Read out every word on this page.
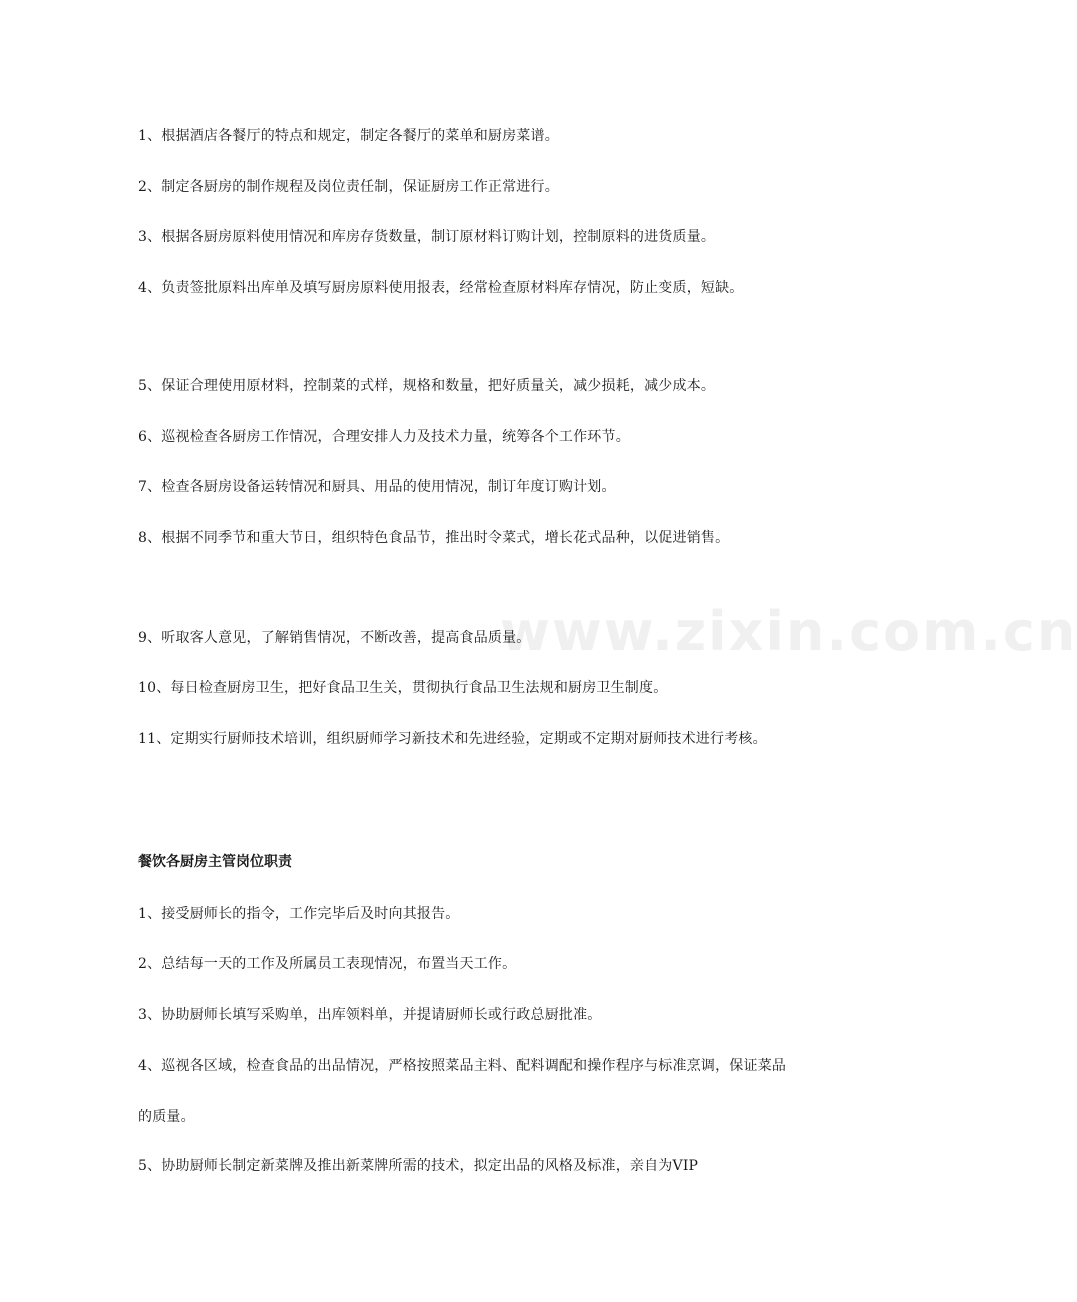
www.zixin.com.cn
1、根据酒店各餐厅的特点和规定，制定各餐厅的菜单和厨房菜谱。
2、制定各厨房的制作规程及岗位责任制，保证厨房工作正常进行。
3、根据各厨房原料使用情况和库房存货数量，制订原材料订购计划，控制原料的进货质量。
4、负责签批原料出库单及填写厨房原料使用报表，经常检查原材料库存情况，防止变质，短缺。
5、保证合理使用原材料，控制菜的式样，规格和数量，把好质量关，减少损耗，减少成本。
6、巡视检查各厨房工作情况，合理安排人力及技术力量，统筹各个工作环节。
7、检查各厨房设备运转情况和厨具、用品的使用情况，制订年度订购计划。
8、根据不同季节和重大节日，组织特色食品节，推出时令菜式，增长花式品种，以促进销售。
9、听取客人意见，了解销售情况，不断改善，提高食品质量。
10、每日检查厨房卫生，把好食品卫生关，贯彻执行食品卫生法规和厨房卫生制度。
11、定期实行厨师技术培训，组织厨师学习新技术和先进经验，定期或不定期对厨师技术进行考核。
餐饮各厨房主管岗位职责
1、接受厨师长的指令，工作完毕后及时向其报告。
2、总结每一天的工作及所属员工表现情况，布置当天工作。
3、协助厨师长填写采购单，出库领料单，并提请厨师长或行政总厨批准。
4、巡视各区域，检查食品的出品情况，严格按照菜品主料、配料调配和操作程序与标准烹调，保证菜品的质量。
5、协助厨师长制定新菜牌及推出新菜牌所需的技术，拟定出品的风格及标准，亲自为VIP
